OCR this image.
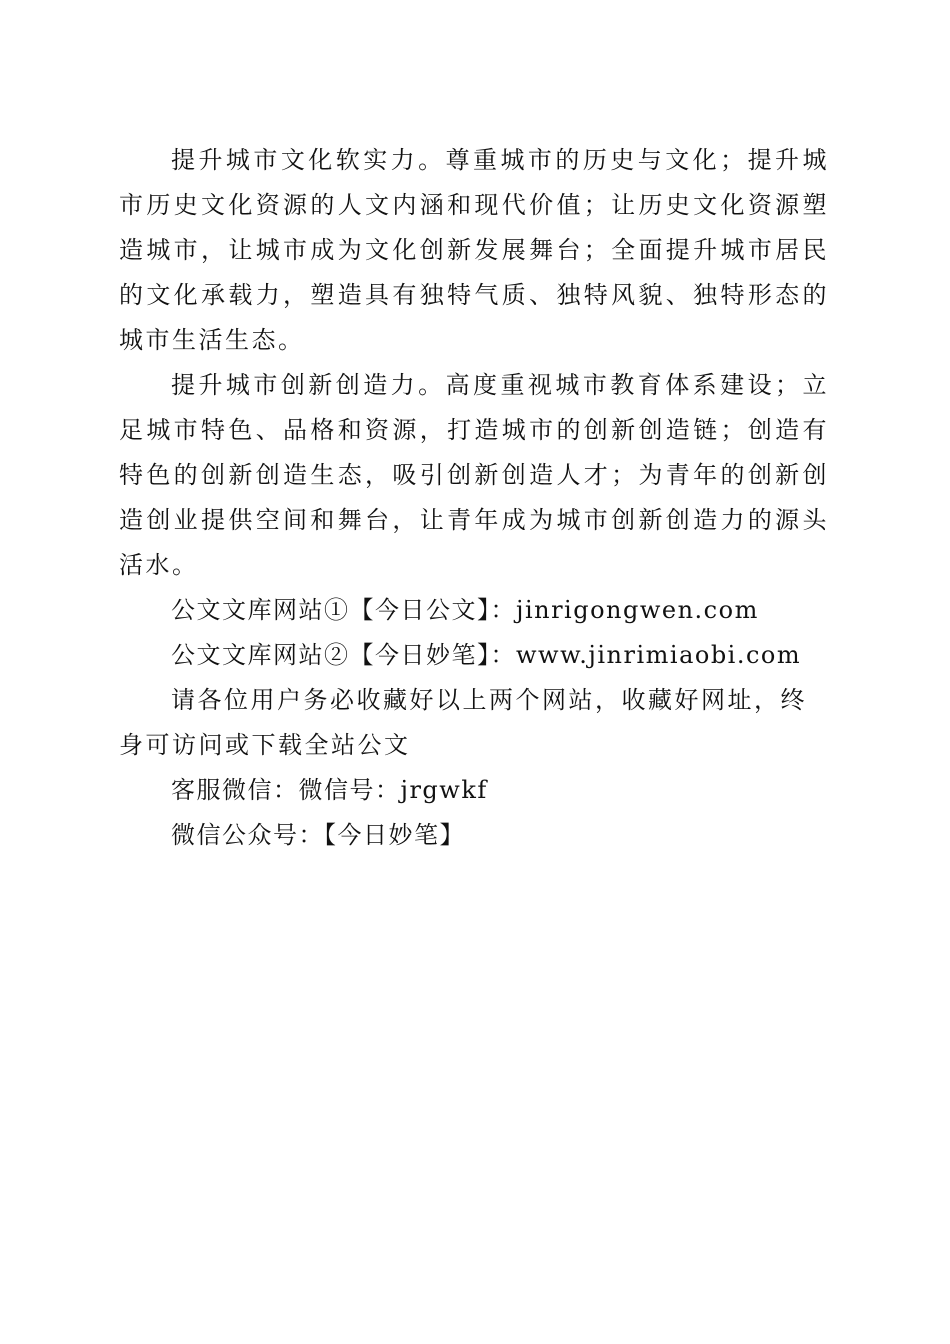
提升城市文化软实力。尊重城市的历史与文化；提升城市历史文化资源的人文内涵和现代价值；让历史文化资源塑造城市，让城市成为文化创新发展舞台；全面提升城市居民的文化承载力，塑造具有独特气质、独特风貌、独特形态的城市生活生态。

提升城市创新创造力。高度重视城市教育体系建设；立足城市特色、品格和资源，打造城市的创新创造链；创造有特色的创新创造生态，吸引创新创造人才；为青年的创新创造创业提供空间和舞台，让青年成为城市创新创造力的源头活水。

公文文库网站①【今日公文】：jinrigongwen.com

公文文库网站②【今日妙笔】：www.jinrimiaobi.com

请各位用户务必收藏好以上两个网站，收藏好网址，终身可访问或下载全站公文

客服微信：微信号：jrgwkf

微信公众号：【今日妙笔】
